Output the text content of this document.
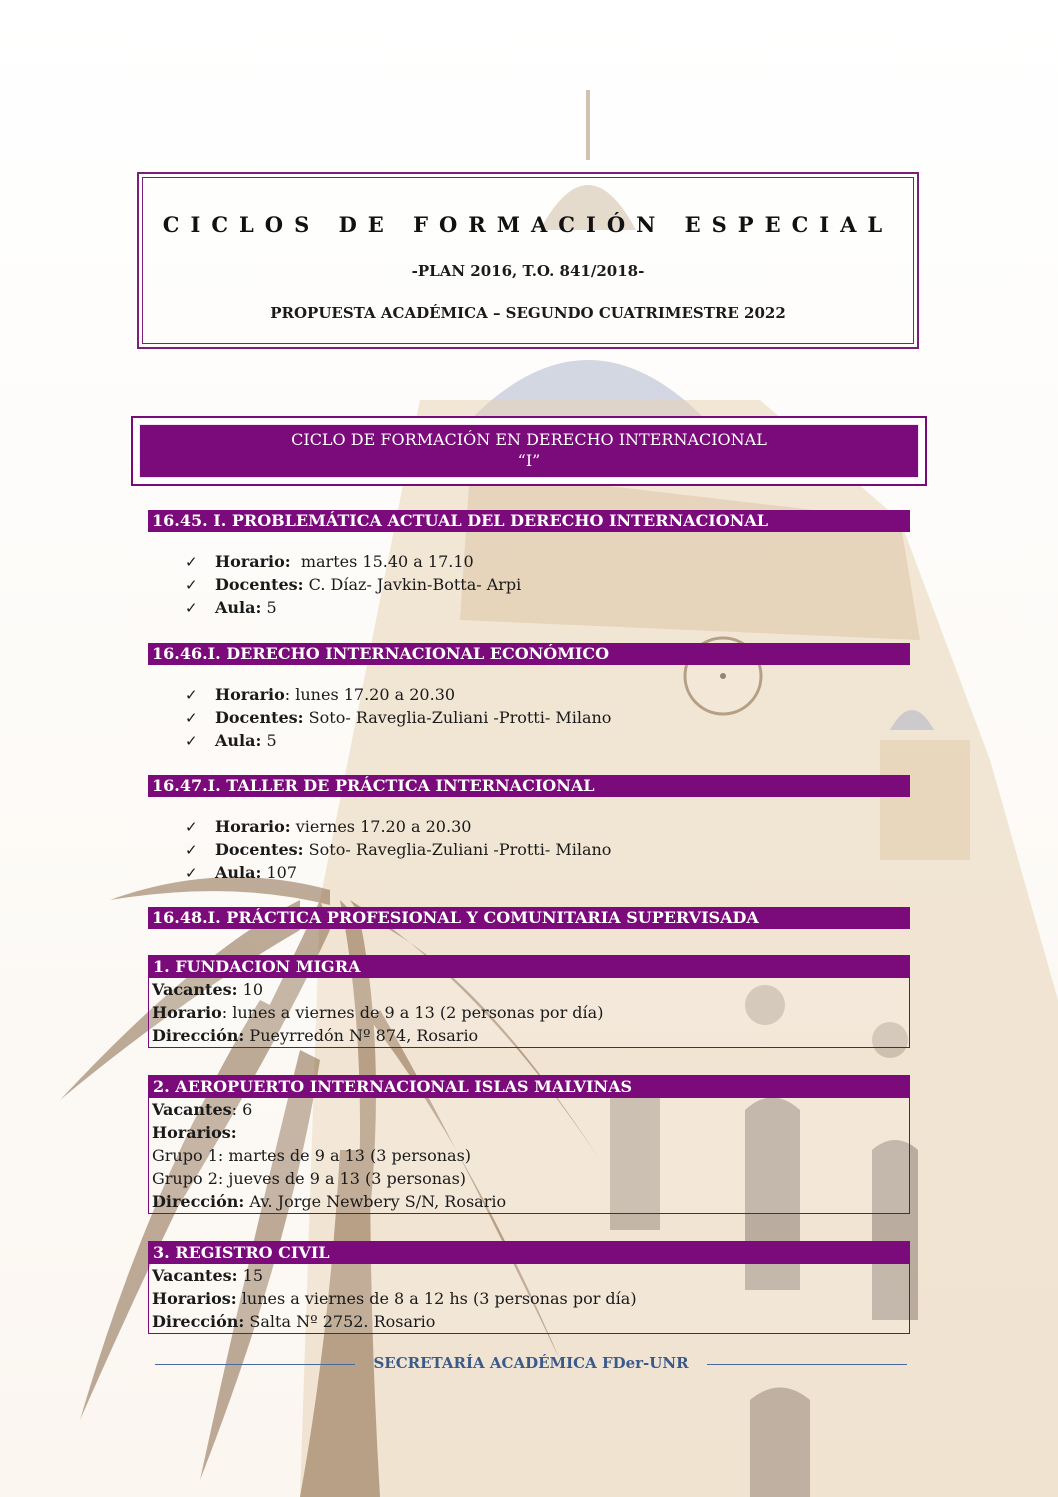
CICLOS DE FORMACIÓN ESPECIAL
-PLAN 2016, T.O. 841/2018-
PROPUESTA ACADÉMICA – SEGUNDO CUATRIMESTRE 2022
CICLO DE FORMACIÓN EN DERECHO INTERNACIONAL
“I”
16.45. I. PROBLEMÁTICA ACTUAL DEL DERECHO INTERNACIONAL
✓ Horario:  martes 15.40 a 17.10
✓ Docentes: C. Díaz- Javkin-Botta- Arpi
✓ Aula: 5
16.46.I. DERECHO INTERNACIONAL ECONÓMICO
✓ Horario: lunes 17.20 a 20.30
✓ Docentes: Soto- Raveglia-Zuliani -Protti- Milano
✓ Aula: 5
16.47.I. TALLER DE PRÁCTICA INTERNACIONAL
✓ Horario: viernes 17.20 a 20.30
✓ Docentes: Soto- Raveglia-Zuliani -Protti- Milano
✓ Aula: 107
16.48.I. PRÁCTICA PROFESIONAL Y COMUNITARIA SUPERVISADA
1. FUNDACION MIGRA
Vacantes: 10
Horario: lunes a viernes de 9 a 13 (2 personas por día)
Dirección: Pueyrredón Nº 874, Rosario
2. AEROPUERTO INTERNACIONAL ISLAS MALVINAS
Vacantes: 6
Horarios:
Grupo 1: martes de 9 a 13 (3 personas)
Grupo 2: jueves de 9 a 13 (3 personas)
Dirección: Av. Jorge Newbery S/N, Rosario
3. REGISTRO CIVIL
Vacantes: 15
Horarios: lunes a viernes de 8 a 12 hs (3 personas por día)
Dirección: Salta Nº 2752. Rosario
SECRETARÍA ACADÉMICA FDer-UNR
